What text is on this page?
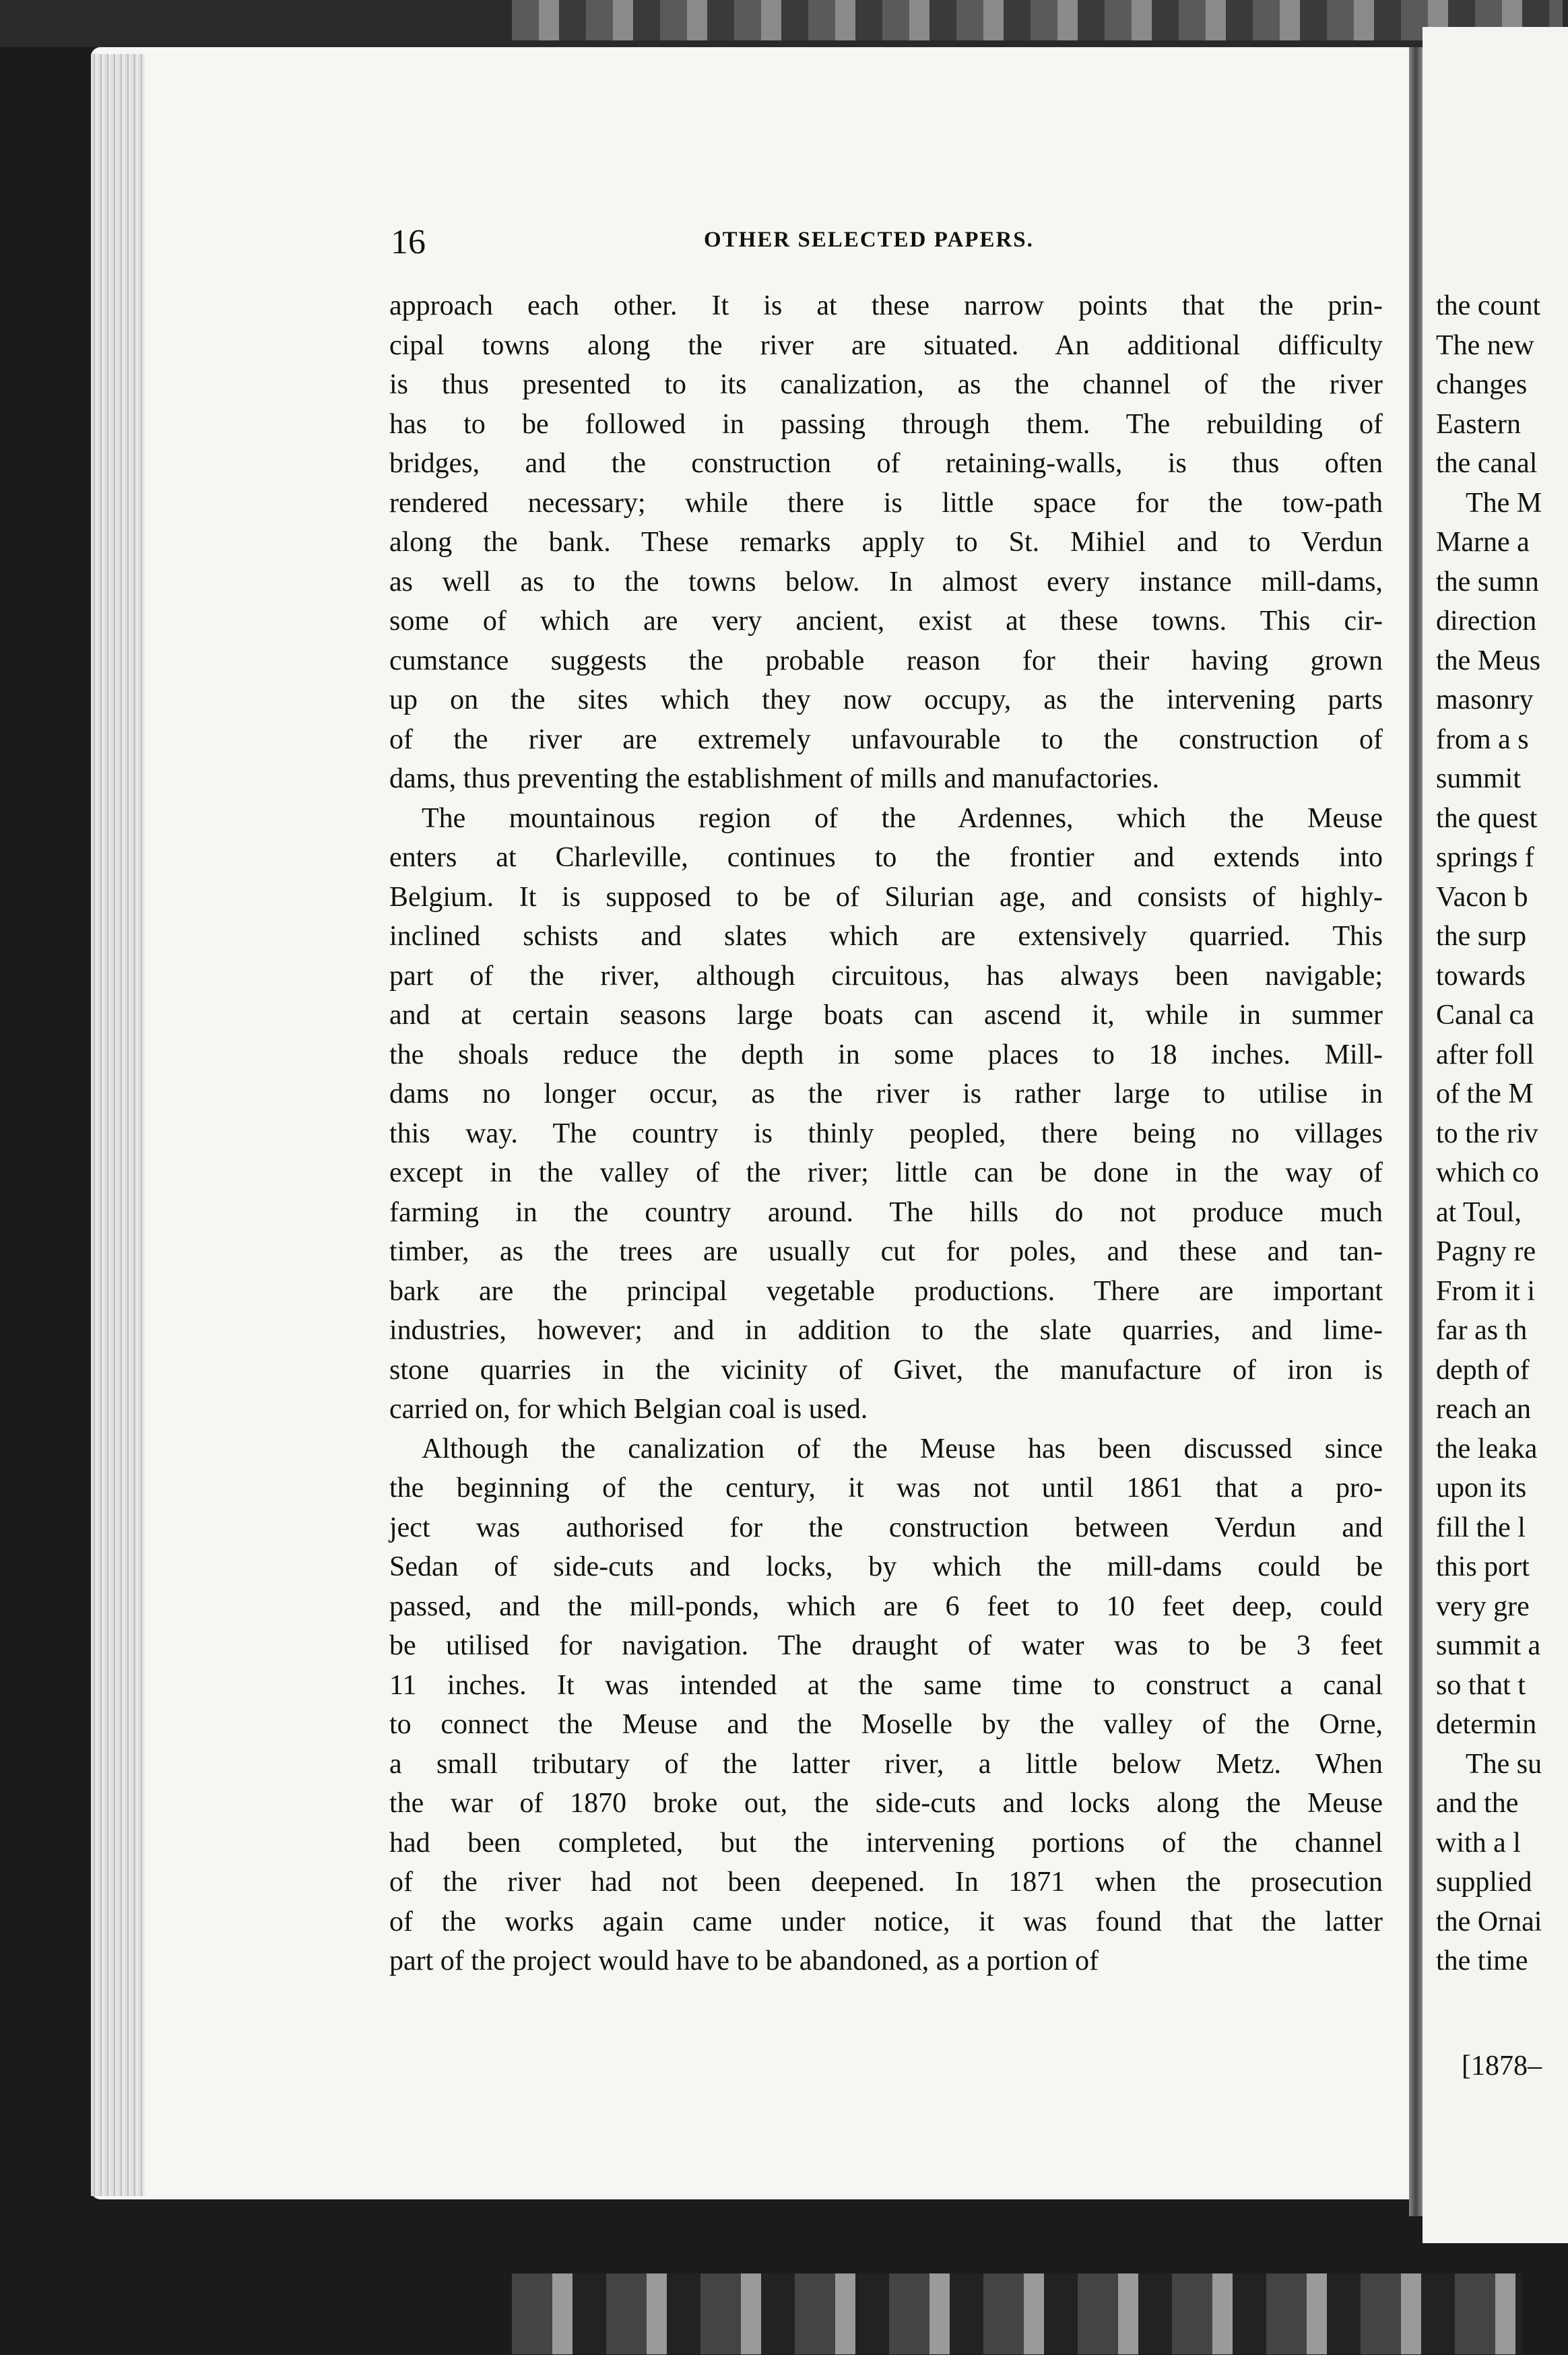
16	OTHER SELECTED PAPERS.
approach each other. It is at these narrow points that the prin-
cipal towns along the river are situated. An additional difficulty
is thus presented to its canalization, as the channel of the river
has to be followed in passing through them. The rebuilding of
bridges, and the construction of retaining-walls, is thus often
rendered necessary; while there is little space for the tow-path
along the bank. These remarks apply to St. Mihiel and to Verdun
as well as to the towns below. In almost every instance mill-dams,
some of which are very ancient, exist at these towns. This cir-
cumstance suggests the probable reason for their having grown
up on the sites which they now occupy, as the intervening parts
of the river are extremely unfavourable to the construction of
dams, thus preventing the establishment of mills and manufactories.
The mountainous region of the Ardennes, which the Meuse
enters at Charleville, continues to the frontier and extends into
Belgium. It is supposed to be of Silurian age, and consists of highly-
inclined schists and slates which are extensively quarried. This
part of the river, although circuitous, has always been navigable;
and at certain seasons large boats can ascend it, while in summer
the shoals reduce the depth in some places to 18 inches. Mill-
dams no longer occur, as the river is rather large to utilise in
this way. The country is thinly peopled, there being no villages
except in the valley of the river; little can be done in the way of
farming in the country around. The hills do not produce much
timber, as the trees are usually cut for poles, and these and tan-
bark are the principal vegetable productions. There are important
industries, however; and in addition to the slate quarries, and lime-
stone quarries in the vicinity of Givet, the manufacture of iron is
carried on, for which Belgian coal is used.
Although the canalization of the Meuse has been discussed since
the beginning of the century, it was not until 1861 that a pro-
ject was authorised for the construction between Verdun and
Sedan of side-cuts and locks, by which the mill-dams could be
passed, and the mill-ponds, which are 6 feet to 10 feet deep, could
be utilised for navigation. The draught of water was to be 3 feet
11 inches. It was intended at the same time to construct a canal
to connect the Meuse and the Moselle by the valley of the Orne,
a small tributary of the latter river, a little below Metz. When
the war of 1870 broke out, the side-cuts and locks along the Meuse
had been completed, but the intervening portions of the channel
of the river had not been deepened. In 1871 when the prosecution
of the works again came under notice, it was found that the latter
part of the project would have to be abandoned, as a portion of
the count
The new
changes
Eastern
the canal
The M
Marne a
the sumn
direction
the Meus
masonry
from a s
summit
the quest
springs f
Vacon b
the surp
towards
Canal ca
after foll
of the M
to the riv
which co
at Toul,
Pagny re
From it i
far as th
depth of
reach an
the leaka
upon its
fill the l
this port
very gre
summit a
so that t
determin
The su
and the
with a l
supplied
the Ornai
the time
[1878–
